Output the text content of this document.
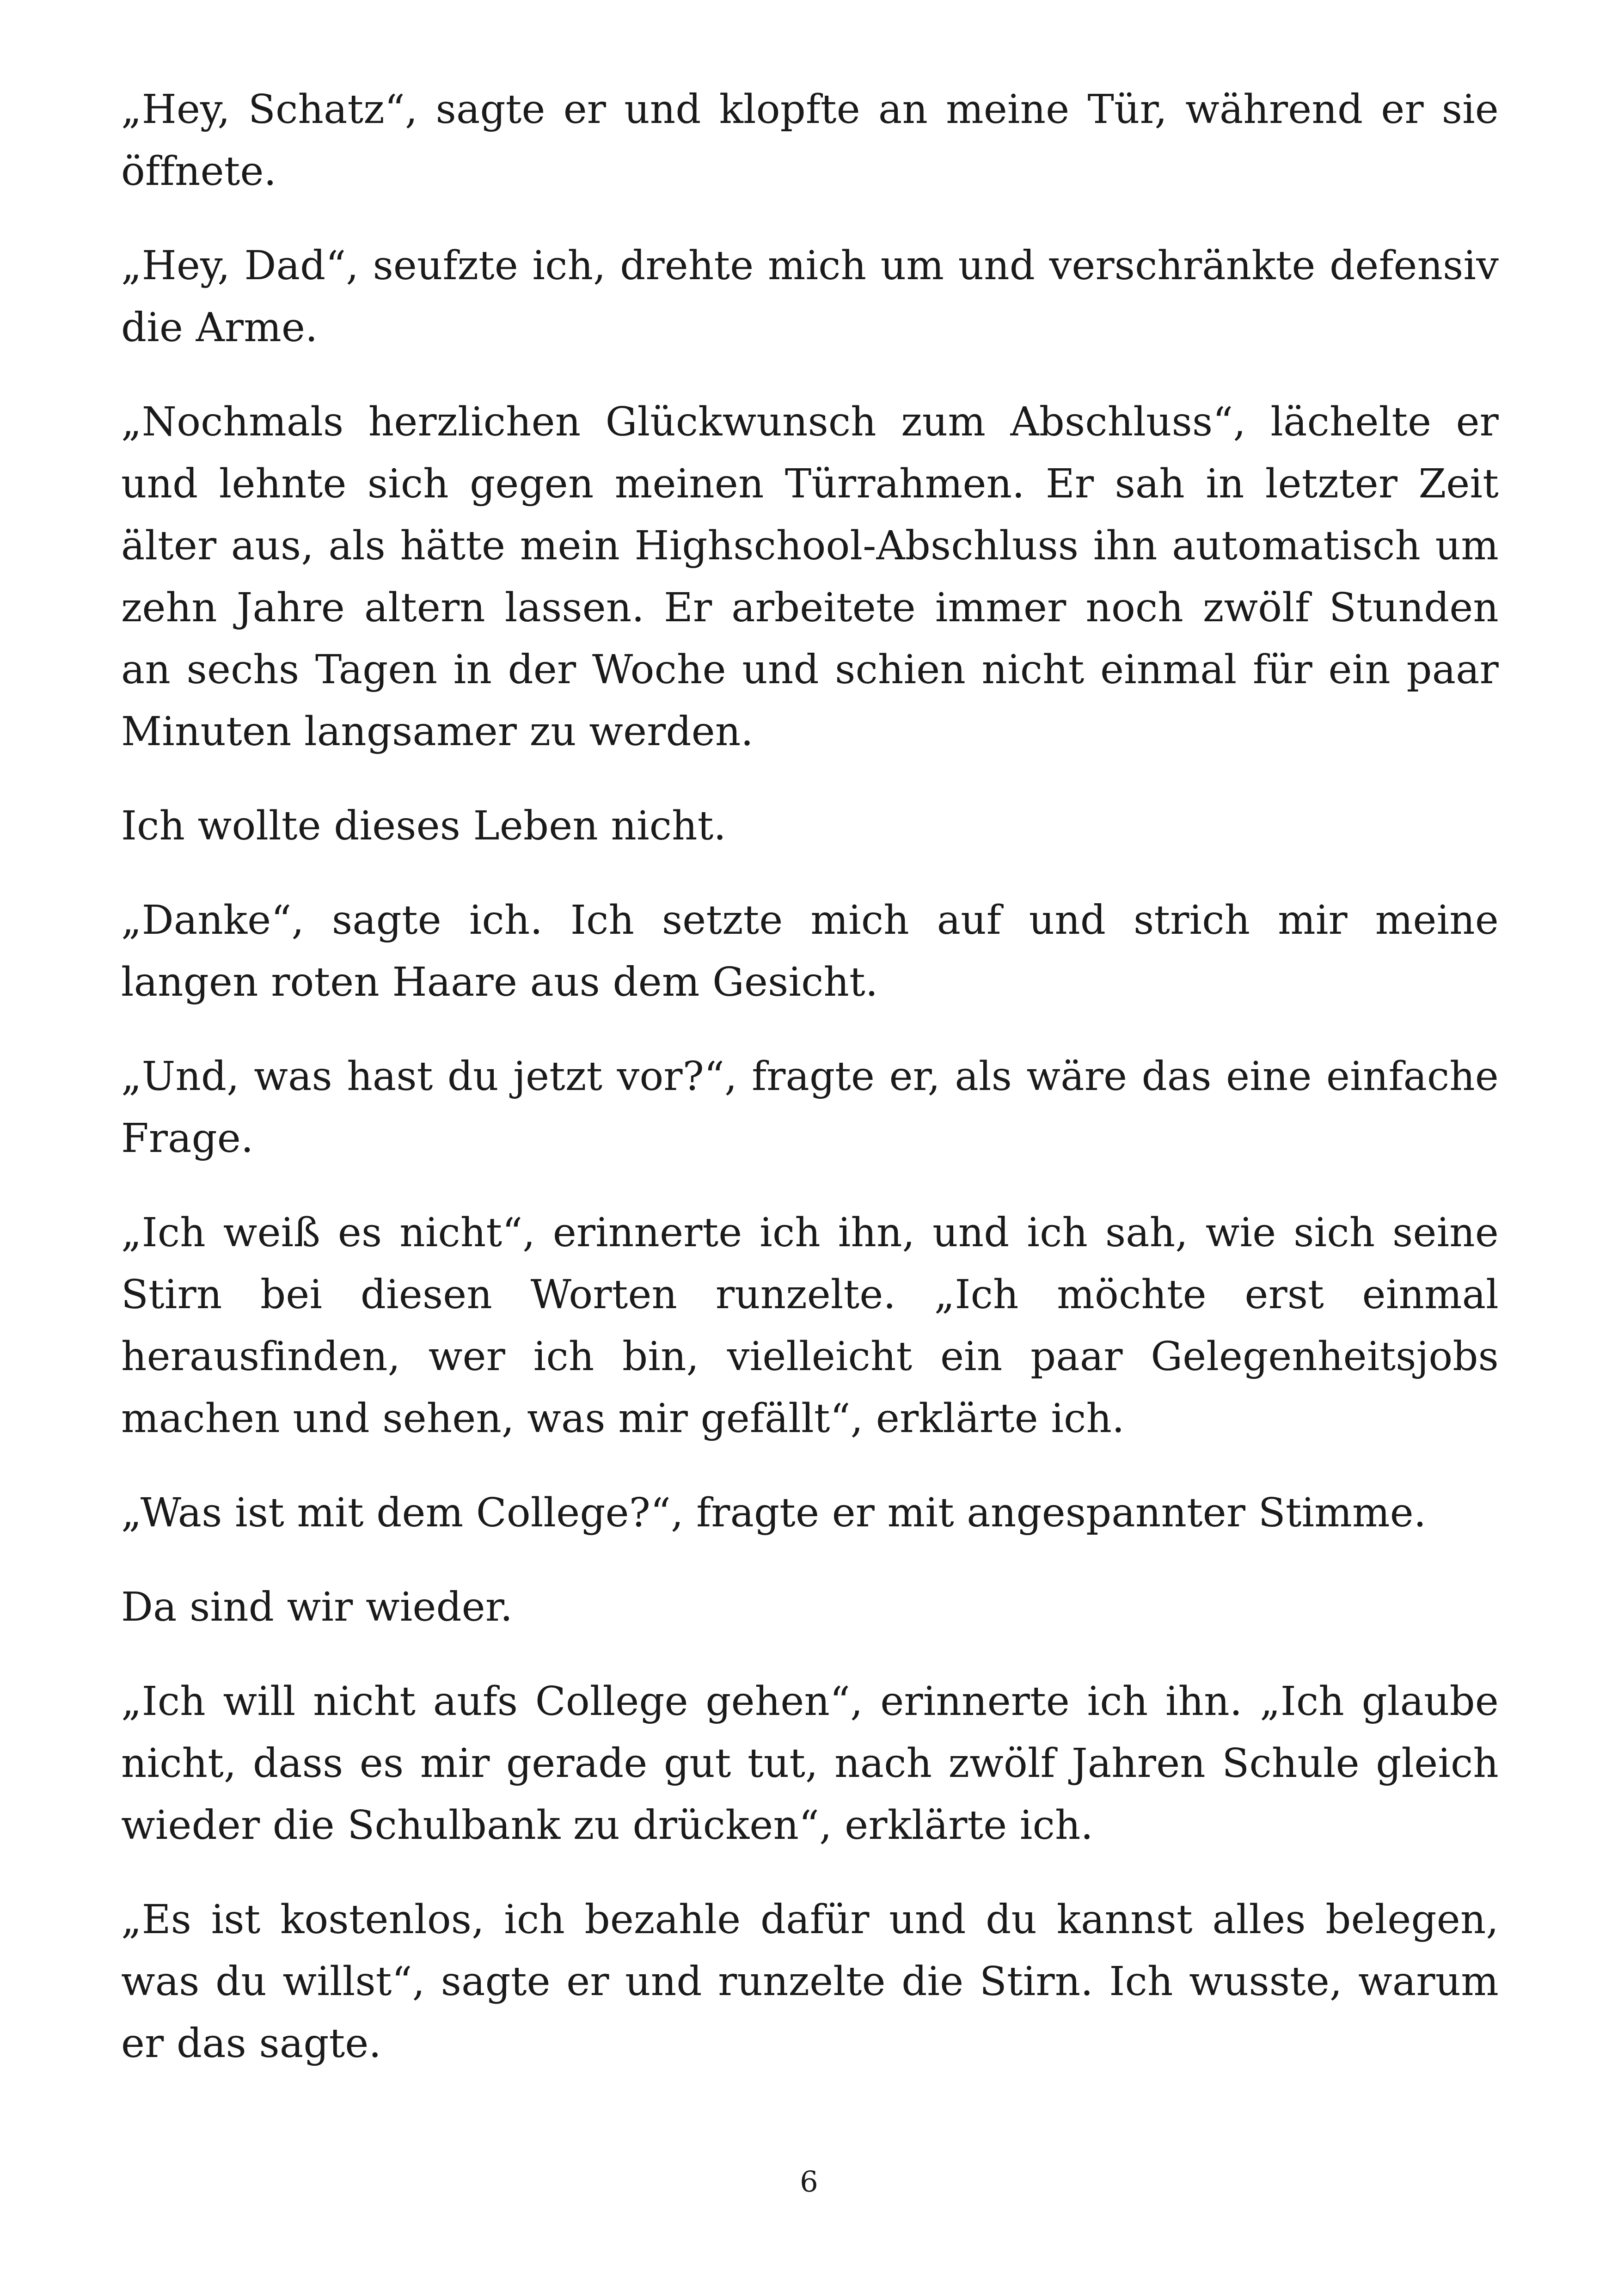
„Hey, Schatz“, sagte er und klopfte an meine Tür, während er sie öffnete.

„Hey, Dad“, seufzte ich, drehte mich um und verschränkte defensiv die Arme.

„Nochmals herzlichen Glückwunsch zum Abschluss“, lächelte er und lehnte sich gegen meinen Türrahmen. Er sah in letzter Zeit älter aus, als hätte mein Highschool-Abschluss ihn automatisch um zehn Jahre altern lassen. Er arbeitete immer noch zwölf Stunden an sechs Tagen in der Woche und schien nicht einmal für ein paar Minuten langsamer zu werden.

Ich wollte dieses Leben nicht.

„Danke“, sagte ich. Ich setzte mich auf und strich mir meine langen roten Haare aus dem Gesicht.

„Und, was hast du jetzt vor?“, fragte er, als wäre das eine einfache Frage.

„Ich weiß es nicht“, erinnerte ich ihn, und ich sah, wie sich seine Stirn bei diesen Worten runzelte. „Ich möchte erst einmal herausfinden, wer ich bin, vielleicht ein paar Gelegenheitsjobs machen und sehen, was mir gefällt“, erklärte ich.

„Was ist mit dem College?“, fragte er mit angespannter Stimme.

Da sind wir wieder.

„Ich will nicht aufs College gehen“, erinnerte ich ihn. „Ich glaube nicht, dass es mir gerade gut tut, nach zwölf Jahren Schule gleich wieder die Schulbank zu drücken“, erklärte ich.

„Es ist kostenlos, ich bezahle dafür und du kannst alles belegen, was du willst“, sagte er und runzelte die Stirn. Ich wusste, warum er das sagte.

6
